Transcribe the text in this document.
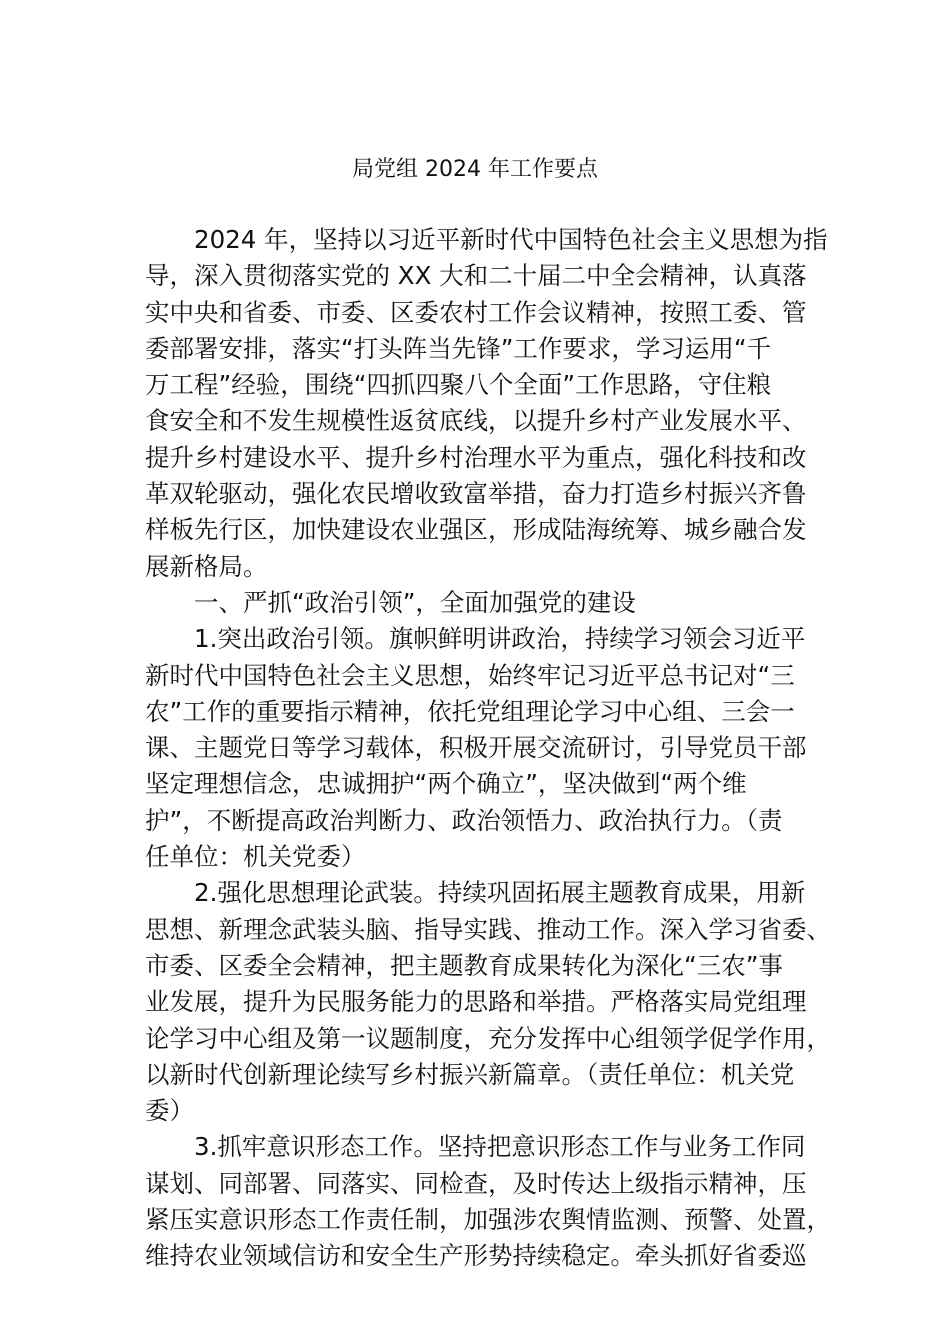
局党组 2024 年工作要点
2024 年，坚持以习近平新时代中国特色社会主义思想为指
导，深入贯彻落实党的 XX 大和二十届二中全会精神，认真落
实中央和省委、市委、区委农村工作会议精神，按照工委、管
委部署安排，落实“打头阵当先锋”工作要求，学习运用“千
万工程”经验，围绕“四抓四聚八个全面”工作思路，守住粮
食安全和不发生规模性返贫底线，以提升乡村产业发展水平、
提升乡村建设水平、提升乡村治理水平为重点，强化科技和改
革双轮驱动，强化农民增收致富举措，奋力打造乡村振兴齐鲁
样板先行区，加快建设农业强区，形成陆海统筹、城乡融合发
展新格局。
一、严抓“政治引领”，全面加强党的建设
1.突出政治引领。旗帜鲜明讲政治，持续学习领会习近平
新时代中国特色社会主义思想，始终牢记习近平总书记对“三
农”工作的重要指示精神，依托党组理论学习中心组、三会一
课、主题党日等学习载体，积极开展交流研讨，引导党员干部
坚定理想信念，忠诚拥护“两个确立”，坚决做到“两个维
护”，不断提高政治判断力、政治领悟力、政治执行力。（责
任单位：机关党委）
2.强化思想理论武装。持续巩固拓展主题教育成果，用新
思想、新理念武装头脑、指导实践、推动工作。深入学习省委、
市委、区委全会精神，把主题教育成果转化为深化“三农”事
业发展，提升为民服务能力的思路和举措。严格落实局党组理
论学习中心组及第一议题制度，充分发挥中心组领学促学作用，
以新时代创新理论续写乡村振兴新篇章。（责任单位：机关党
委）
3.抓牢意识形态工作。坚持把意识形态工作与业务工作同
谋划、同部署、同落实、同检查，及时传达上级指示精神，压
紧压实意识形态工作责任制，加强涉农舆情监测、预警、处置，
维持农业领域信访和安全生产形势持续稳定。牵头抓好省委巡
